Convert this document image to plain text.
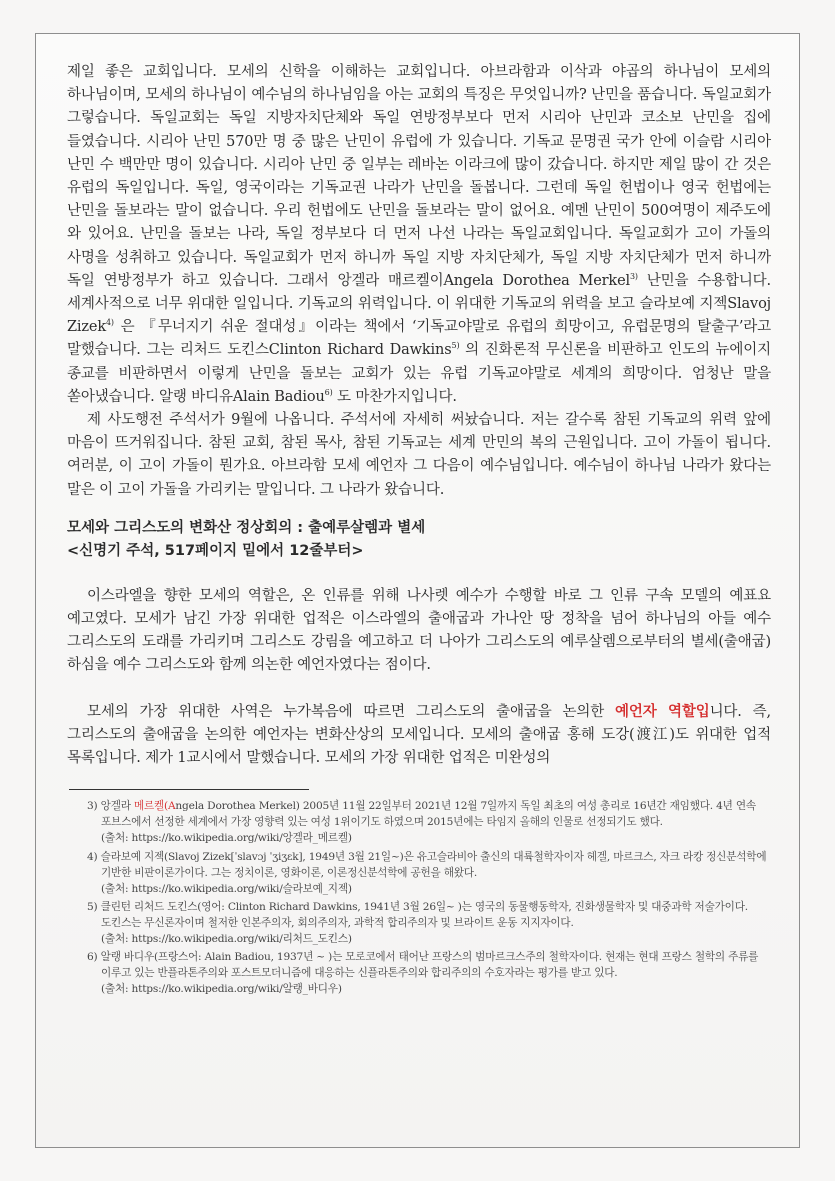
제일 좋은 교회입니다. 모세의 신학을 이해하는 교회입니다. 아브라함과 이삭과 야곱의 하나님이 모세의 하나님이며, 모세의 하나님이 예수님의 하나님임을 아는 교회의 특징은 무엇입니까? 난민을 품습니다. 독일교회가 그렇습니다. 독일교회는 독일 지방자치단체와 독일 연방정부보다 먼저 시리아 난민과 코소보 난민을 집에 들였습니다. 시리아 난민 570만 명 중 많은 난민이 유럽에 가 있습니다. 기독교 문명권 국가 안에 이슬람 시리아 난민 수 백만만 명이 있습니다. 시리아 난민 중 일부는 레바논 이라크에 많이 갔습니다. 하지만 제일 많이 간 것은 유럽의 독일입니다. 독일, 영국이라는 기독교권 나라가 난민을 돌봅니다. 그런데 독일 헌법이나 영국 헌법에는 난민을 돌보라는 말이 없습니다. 우리 헌법에도 난민을 돌보라는 말이 없어요. 예멘 난민이 500여명이 제주도에 와 있어요. 난민을 돌보는 나라, 독일 정부보다 더 먼저 나선 나라는 독일교회입니다. 독일교회가 고이 가돌의 사명을 성취하고 있습니다. 독일교회가 먼저 하니까 독일 지방 자치단체가, 독일 지방 자치단체가 먼저 하니까 독일 연방정부가 하고 있습니다. 그래서 앙겔라 매르켈이Angela Dorothea Merkel$^{3)}$ 난민을 수용합니다. 세계사적으로 너무 위대한 일입니다. 기독교의 위력입니다. 이 위대한 기독교의 위력을 보고 슬라보예 지젝Slavoj Zizek$^{4)}$ 은 『무너지기 쉬운 절대성』이라는 책에서 ‘기독교야말로 유럽의 희망이고, 유럽문명의 탈출구’라고 말했습니다. 그는 리처드 도킨스Clinton Richard Dawkins$^{5)}$ 의 진화론적 무신론을 비판하고 인도의 뉴에이지 종교를 비판하면서 이렇게 난민을 돌보는 교회가 있는 유럽 기독교야말로 세계의 희망이다. 엄청난 말을 쏟아냈습니다. 알랭 바디유Alain Badiou$^{6)}$ 도 마찬가지입니다.

제 사도행전 주석서가 9월에 나옵니다. 주석서에 자세히 써놨습니다. 저는 갈수록 참된 기독교의 위력 앞에 마음이 뜨거워집니다. 참된 교회, 참된 목사, 참된 기독교는 세계 만민의 복의 근원입니다. 고이 가돌이 됩니다. 여러분, 이 고이 가돌이 뭔가요. 아브라함 모세 예언자 그 다음이 예수님입니다. 예수님이 하나님 나라가 왔다는 말은 이 고이 가돌을 가리키는 말입니다. 그 나라가 왔습니다.

모세와 그리스도의 변화산 정상회의 : 출예루살렘과 별세
<신명기 주석, 517페이지 밑에서 12줄부터>

이스라엘을 향한 모세의 역할은, 온 인류를 위해 나사렛 예수가 수행할 바로 그 인류 구속 모델의 예표요 예고였다. 모세가 남긴 가장 위대한 업적은 이스라엘의 출애굽과 가나안 땅 정착을 넘어 하나님의 아들 예수 그리스도의 도래를 가리키며 그리스도 강림을 예고하고 더 나아가 그리스도의 예루살렘으로부터의 별세(출애굽)하심을 예수 그리스도와 함께 의논한 예언자였다는 점이다.

모세의 가장 위대한 사역은 누가복음에 따르면 그리스도의 출애굽을 논의한 예언자 역할입니다. 즉, 그리스도의 출애굽을 논의한 예언자는 변화산상의 모세입니다. 모세의 출애굽 홍해 도강(渡江)도 위대한 업적 목록입니다. 제가 1교시에서 말했습니다. 모세의 가장 위대한 업적은 미완성의

3) 앙겔라 메르켈(Angela Dorothea Merkel) 2005년 11월 22일부터 2021년 12월 7일까지 독일 최초의 여성 총리로 16년간 재임했다. 4년 연속 포브스에서 선정한 세계에서 가장 영향력 있는 여성 1위이기도 하였으며 2015년에는 타임지 올해의 인물로 선정되기도 했다.
(출처: https://ko.wikipedia.org/wiki/앙겔라_메르켈)
4) 슬라보예 지젝(Slavoj Zizek[ˈslavɔj ˈʒiʒɛk], 1949년 3월 21일~)은 유고슬라비아 출신의 대륙철학자이자 헤겔, 마르크스, 자크 라캉 정신분석학에 기반한 비판이론가이다. 그는 정치이론, 영화이론, 이론정신분석학에 공헌을 해왔다.
(출처: https://ko.wikipedia.org/wiki/슬라보예_지젝)
5) 클린턴 리처드 도킨스(영어: Clinton Richard Dawkins, 1941년 3월 26일~ )는 영국의 동물행동학자, 진화생물학자 및 대중과학 저술가이다. 도킨스는 무신론자이며 철저한 인본주의자, 회의주의자, 과학적 합리주의자 및 브라이트 운동 지지자이다.
(출처: https://ko.wikipedia.org/wiki/리처드_도킨스)
6) 알랭 바디우(프랑스어: Alain Badiou, 1937년 ~ )는 모로코에서 태어난 프랑스의 범마르크스주의 철학자이다. 현재는 현대 프랑스 철학의 주류를 이루고 있는 반플라톤주의와 포스트모더니즘에 대응하는 신플라톤주의와 합리주의의 수호자라는 평가를 받고 있다.
(출처: https://ko.wikipedia.org/wiki/알랭_바디우)
